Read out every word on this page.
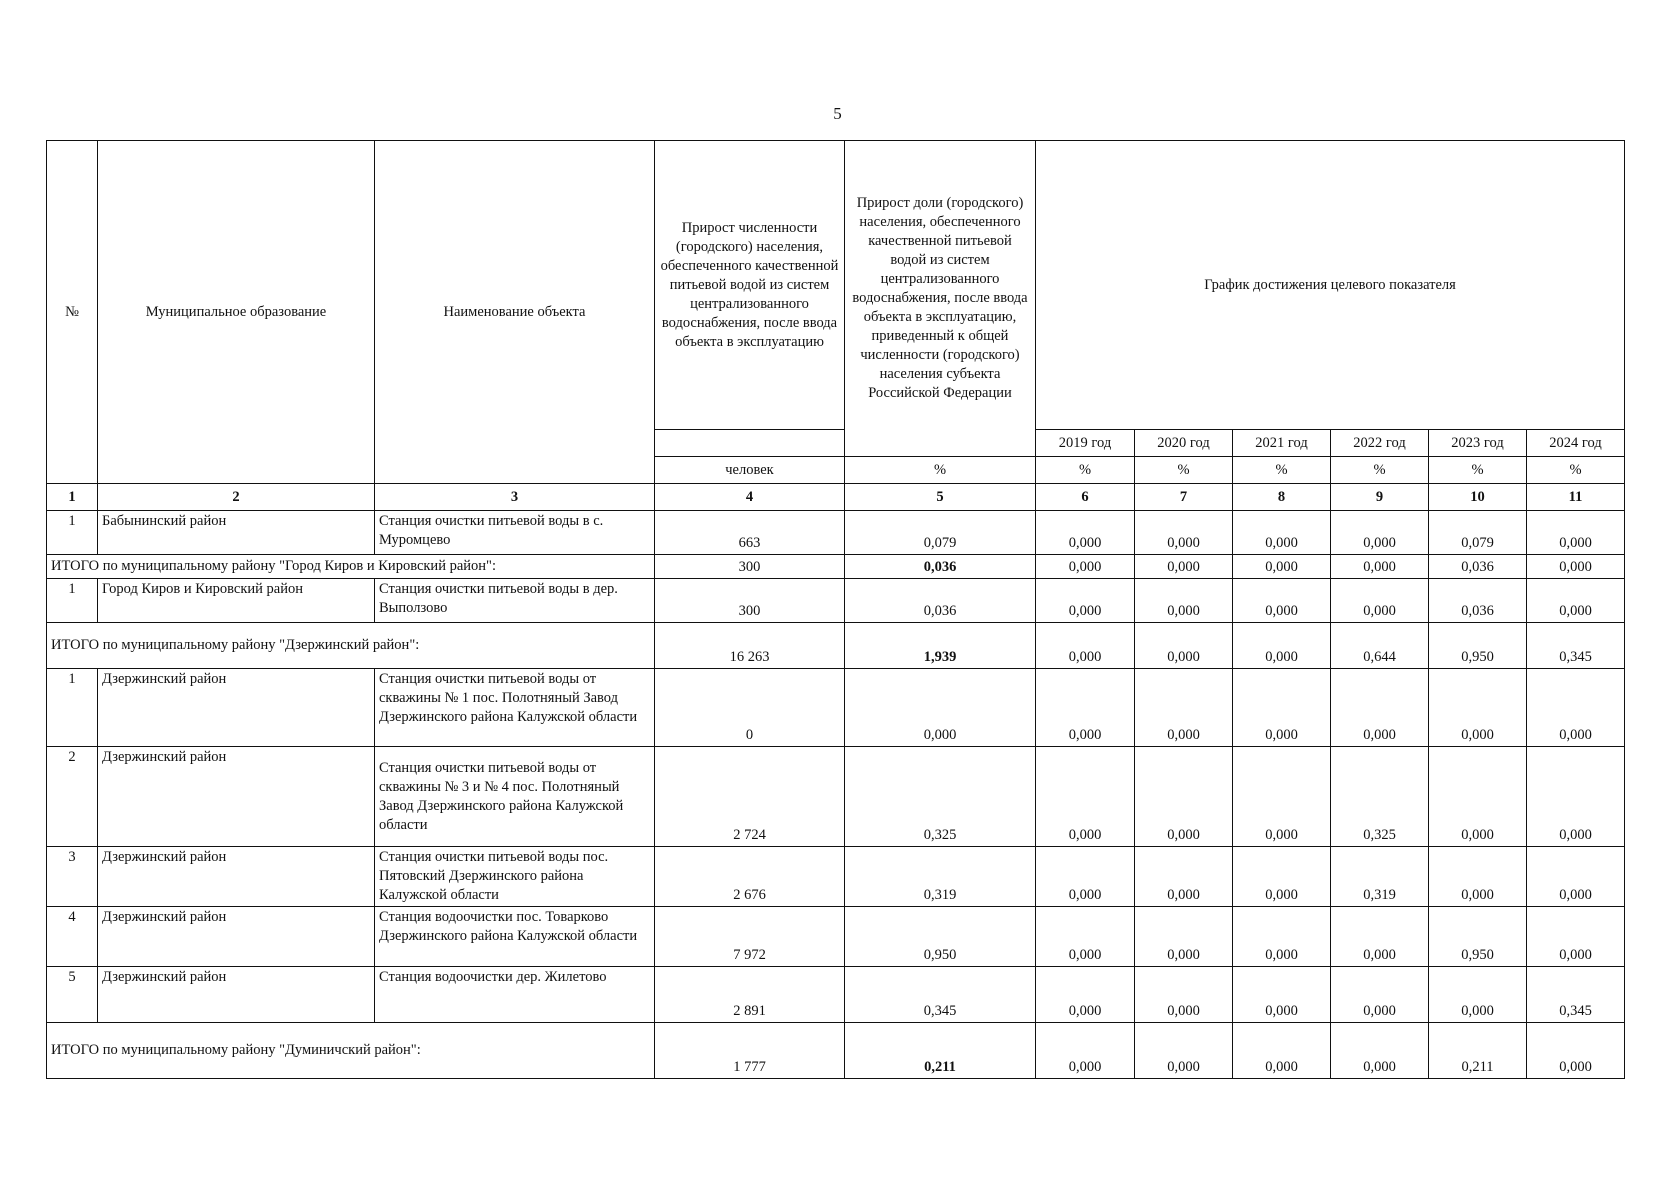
5
№	Муниципальное образование	Наименование объекта	Прирост численности (городского) населения, обеспеченного качественной питьевой водой из систем централизованного водоснабжения, после ввода объекта в эксплуатацию	Прирост доли (городского) населения, обеспеченного качественной питьевой водой из систем централизованного водоснабжения, после ввода объекта в эксплуатацию, приведенный к общей численности (городского) населения субъекта Российской Федерации	График достижения целевого показателя					
					2019 год	2020 год	2021 год	2022 год	2023 год	2024 год
			человек	%	%	%	%	%	%	%
1	2	3	4	5	6	7	8	9	10	11
1	Бабынинский район	Станция очистки питьевой воды в с. Муромцево	663	0,079	0,000	0,000	0,000	0,000	0,079	0,000
ИТОГО по муниципальному району "Город Киров и Кировский район":			300	0,036	0,000	0,000	0,000	0,000	0,036	0,000
1	Город Киров и Кировский район	Станция очистки питьевой воды в дер. Выползово	300	0,036	0,000	0,000	0,000	0,000	0,036	0,000
ИТОГО по муниципальному району "Дзержинский район":			16 263	1,939	0,000	0,000	0,000	0,644	0,950	0,345
1	Дзержинский район	Станция очистки питьевой воды от скважины № 1 пос. Полотняный Завод Дзержинского района Калужской области	0	0,000	0,000	0,000	0,000	0,000	0,000	0,000
2	Дзержинский район	Станция очистки питьевой воды от скважины № 3 и № 4 пос. Полотняный Завод Дзержинского района Калужской области	2 724	0,325	0,000	0,000	0,000	0,325	0,000	0,000
3	Дзержинский район	Станция очистки питьевой воды пос. Пятовский Дзержинского района Калужской области	2 676	0,319	0,000	0,000	0,000	0,319	0,000	0,000
4	Дзержинский район	Станция водоочистки пос. Товарково Дзержинского района Калужской области	7 972	0,950	0,000	0,000	0,000	0,000	0,950	0,000
5	Дзержинский район	Станция водоочистки дер. Жилетово	2 891	0,345	0,000	0,000	0,000	0,000	0,000	0,345
ИТОГО по муниципальному району "Думиничский район":			1 777	0,211	0,000	0,000	0,000	0,000	0,211	0,000
